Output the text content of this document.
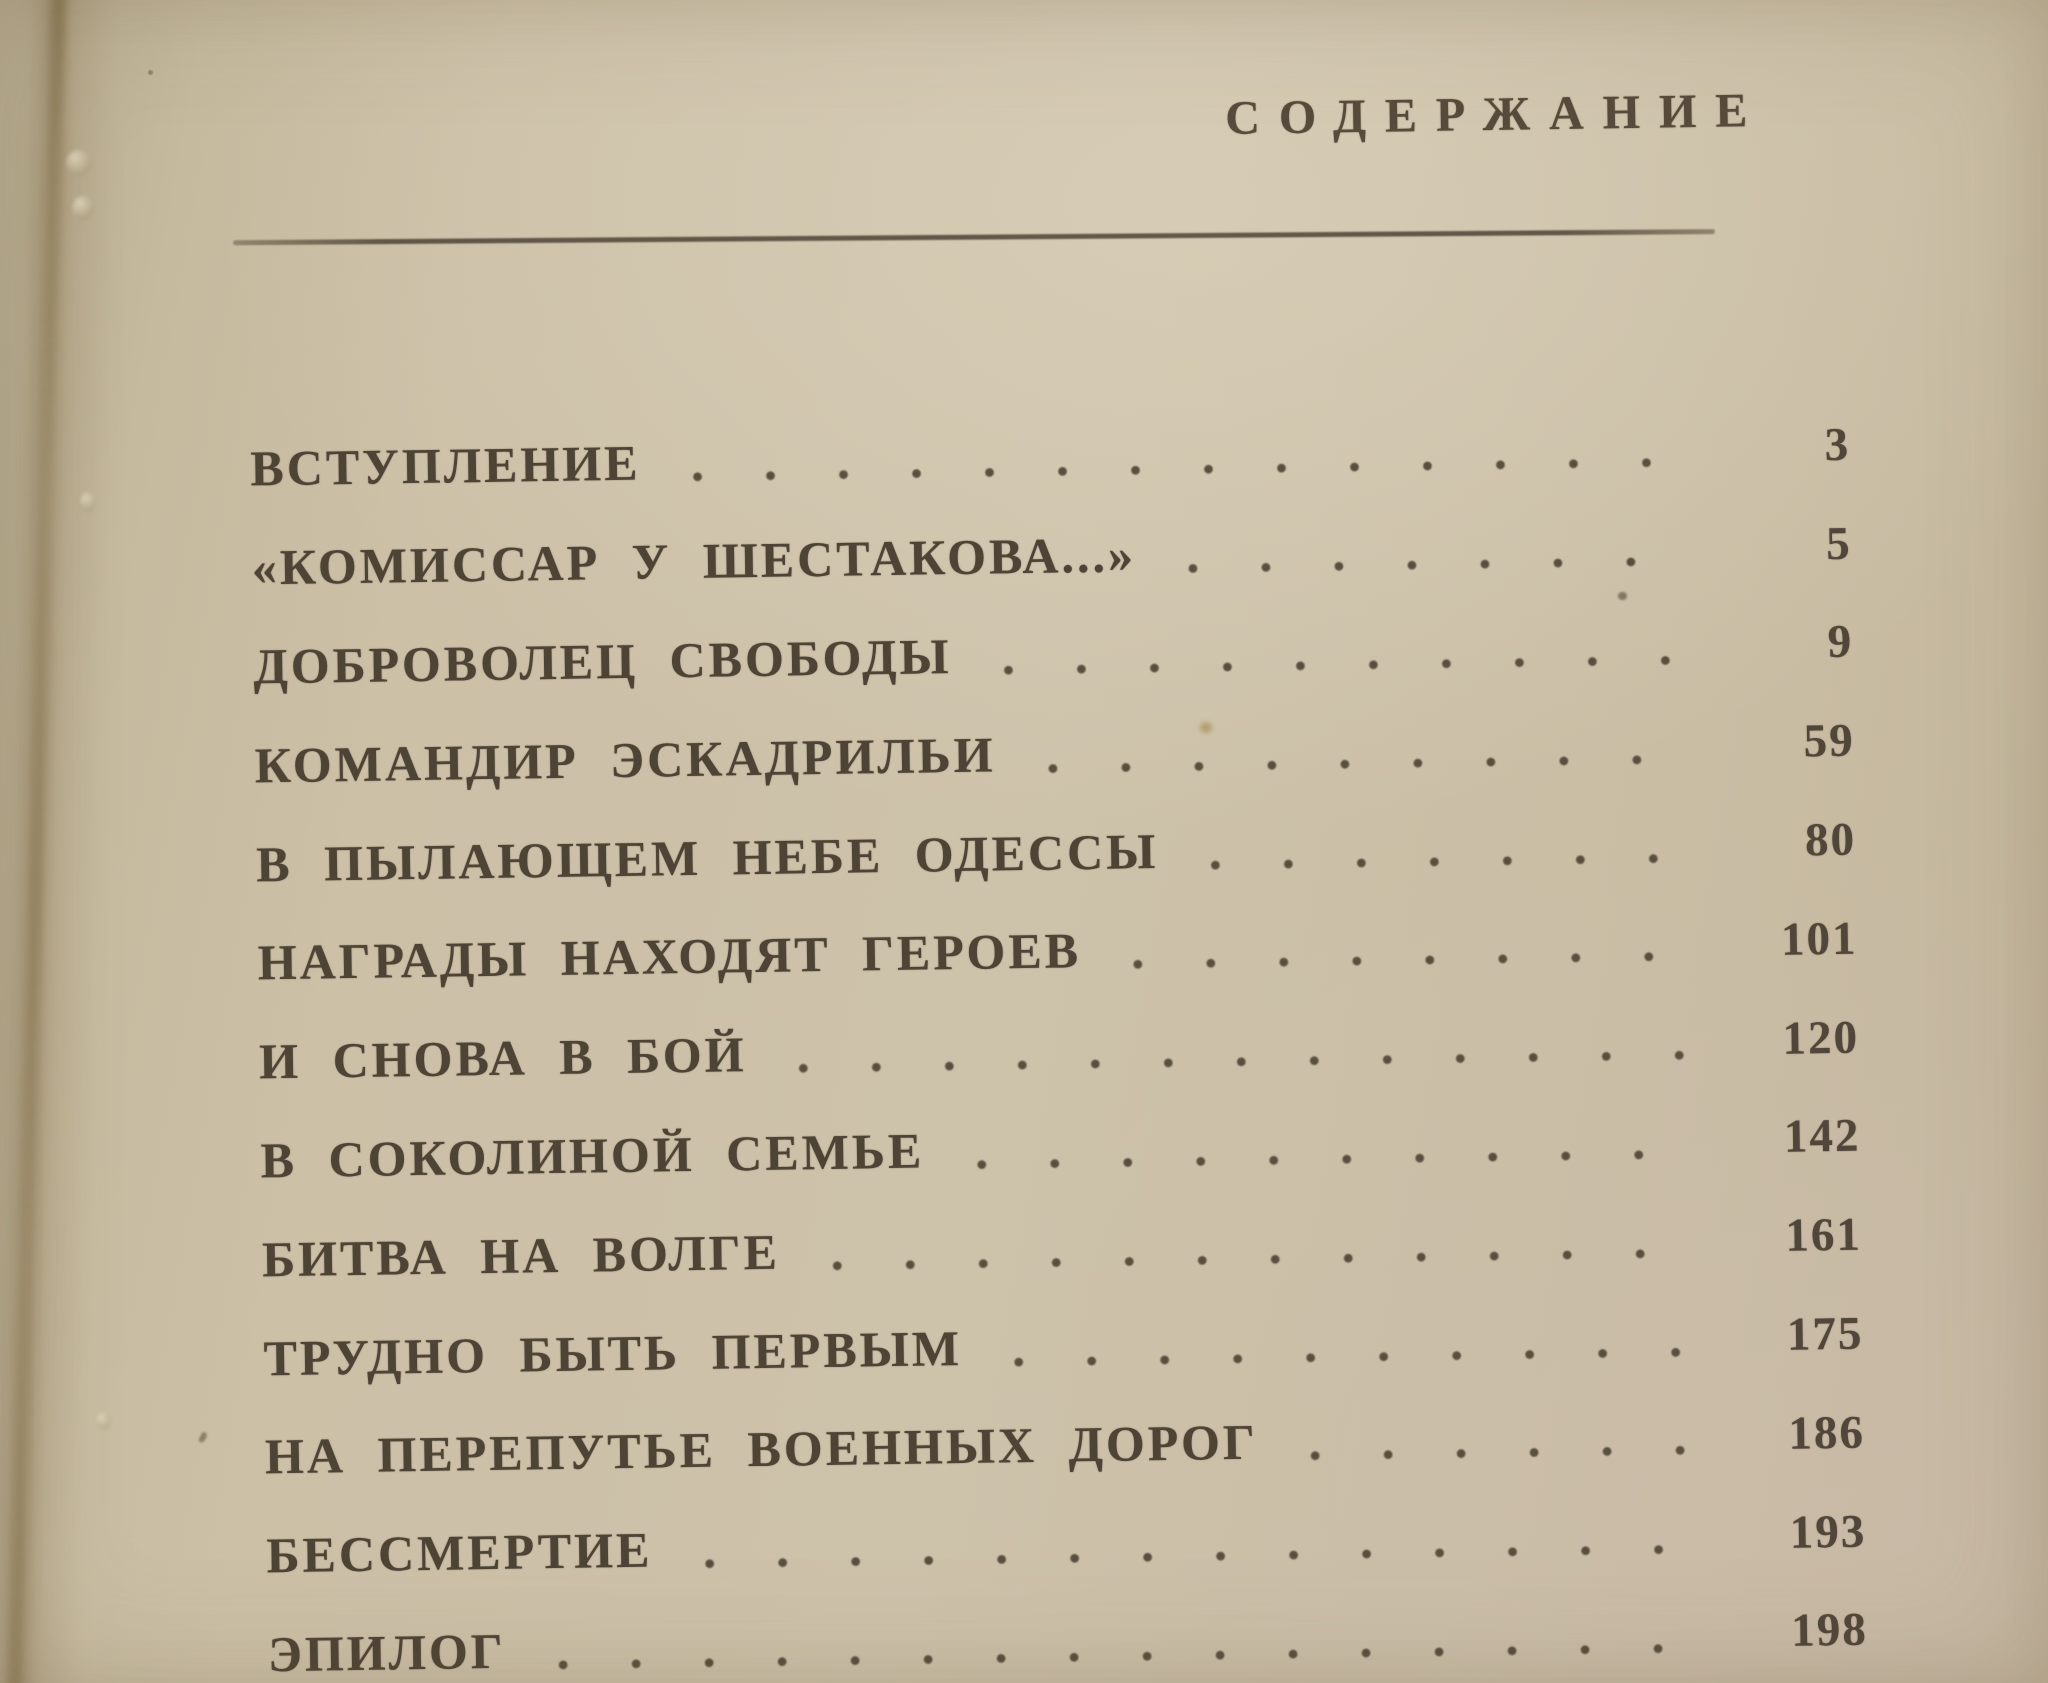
СОДЕРЖАНИЕ
ВСТУПЛЕНИЕ	3
«КОМИССАР У ШЕСТАКОВА...»	5
ДОБРОВОЛЕЦ СВОБОДЫ	9
КОМАНДИР ЭСКАДРИЛЬИ	59
В ПЫЛАЮЩЕМ НЕБЕ ОДЕССЫ	80
НАГРАДЫ НАХОДЯТ ГЕРОЕВ	101
И СНОВА В БОЙ	120
В СОКОЛИНОЙ СЕМЬЕ	142
БИТВА НА ВОЛГЕ	161
ТРУДНО БЫТЬ ПЕРВЫМ	175
НА ПЕРЕПУТЬЕ ВОЕННЫХ ДОРОГ	186
БЕССМЕРТИЕ	193
ЭПИЛОГ	198
